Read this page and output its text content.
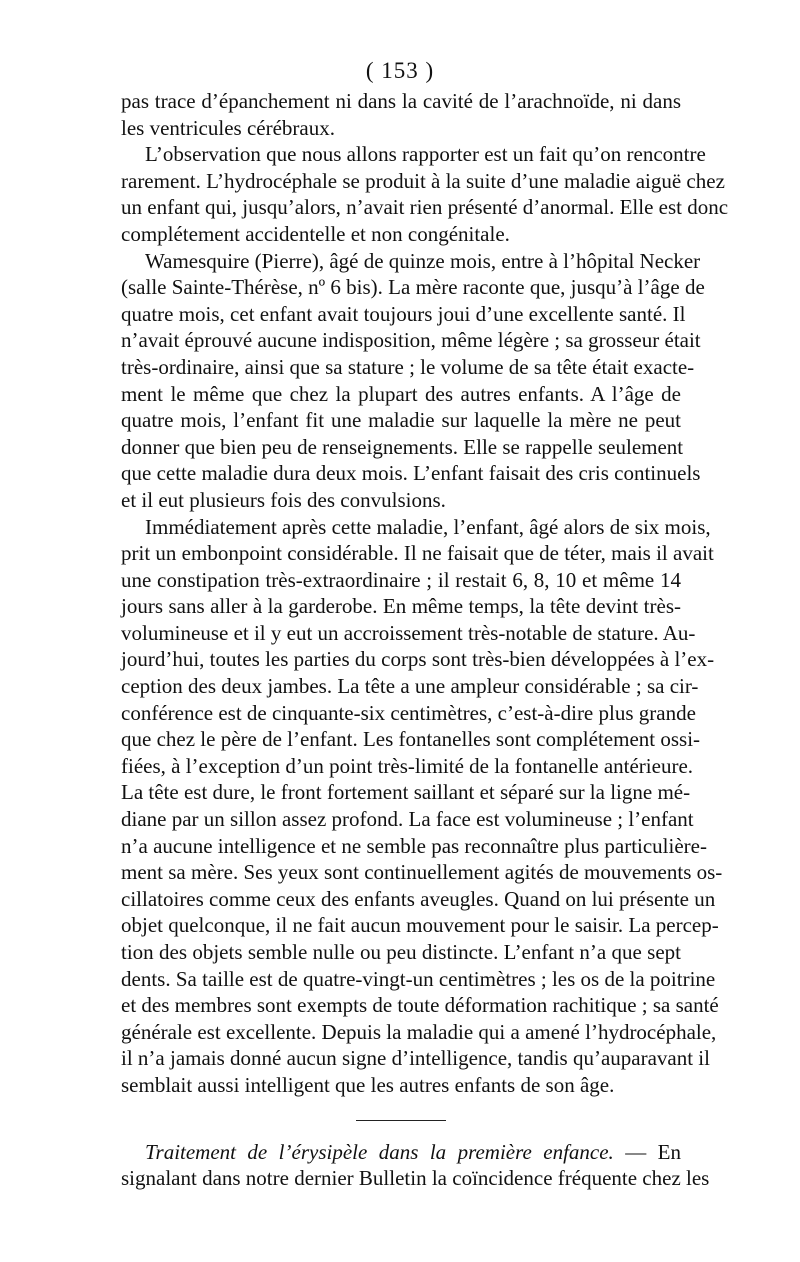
( 153 )

pas trace d’épanchement ni dans la cavité de l’arachnoïde, ni dans
les ventricules cérébraux.

L’observation que nous allons rapporter est un fait qu’on rencontre
rarement. L’hydrocéphale se produit à la suite d’une maladie aiguë chez
un enfant qui, jusqu’alors, n’avait rien présenté d’anormal. Elle est donc
complétement accidentelle et non congénitale.

Wamesquire (Pierre), âgé de quinze mois, entre à l’hôpital Necker
(salle Sainte-Thérèse, nº 6 bis). La mère raconte que, jusqu’à l’âge de
quatre mois, cet enfant avait toujours joui d’une excellente santé. Il
n’avait éprouvé aucune indisposition, même légère ; sa grosseur était
très-ordinaire, ainsi que sa stature ; le volume de sa tête était exacte-
ment le même que chez la plupart des autres enfants. A l’âge de
quatre mois, l’enfant fit une maladie sur laquelle la mère ne peut
donner que bien peu de renseignements. Elle se rappelle seulement
que cette maladie dura deux mois. L’enfant faisait des cris continuels
et il eut plusieurs fois des convulsions.

Immédiatement après cette maladie, l’enfant, âgé alors de six mois,
prit un embonpoint considérable. Il ne faisait que de téter, mais il avait
une constipation très-extraordinaire ; il restait 6, 8, 10 et même 14
jours sans aller à la garderobe. En même temps, la tête devint très-
volumineuse et il y eut un accroissement très-notable de stature. Au-
jourd’hui, toutes les parties du corps sont très-bien développées à l’ex-
ception des deux jambes. La tête a une ampleur considérable ; sa cir-
conférence est de cinquante-six centimètres, c’est-à-dire plus grande
que chez le père de l’enfant. Les fontanelles sont complétement ossi-
fiées, à l’exception d’un point très-limité de la fontanelle antérieure.
La tête est dure, le front fortement saillant et séparé sur la ligne mé-
diane par un sillon assez profond. La face est volumineuse ; l’enfant
n’a aucune intelligence et ne semble pas reconnaître plus particulière-
ment sa mère. Ses yeux sont continuellement agités de mouvements os-
cillatoires comme ceux des enfants aveugles. Quand on lui présente un
objet quelconque, il ne fait aucun mouvement pour le saisir. La percep-
tion des objets semble nulle ou peu distincte. L’enfant n’a que sept
dents. Sa taille est de quatre-vingt-un centimètres ; les os de la poitrine
et des membres sont exempts de toute déformation rachitique ; sa santé
générale est excellente. Depuis la maladie qui a amené l’hydrocéphale,
il n’a jamais donné aucun signe d’intelligence, tandis qu’auparavant il
semblait aussi intelligent que les autres enfants de son âge.

Traitement de l’érysipèle dans la première enfance. — En
signalant dans notre dernier Bulletin la coïncidence fréquente chez les
